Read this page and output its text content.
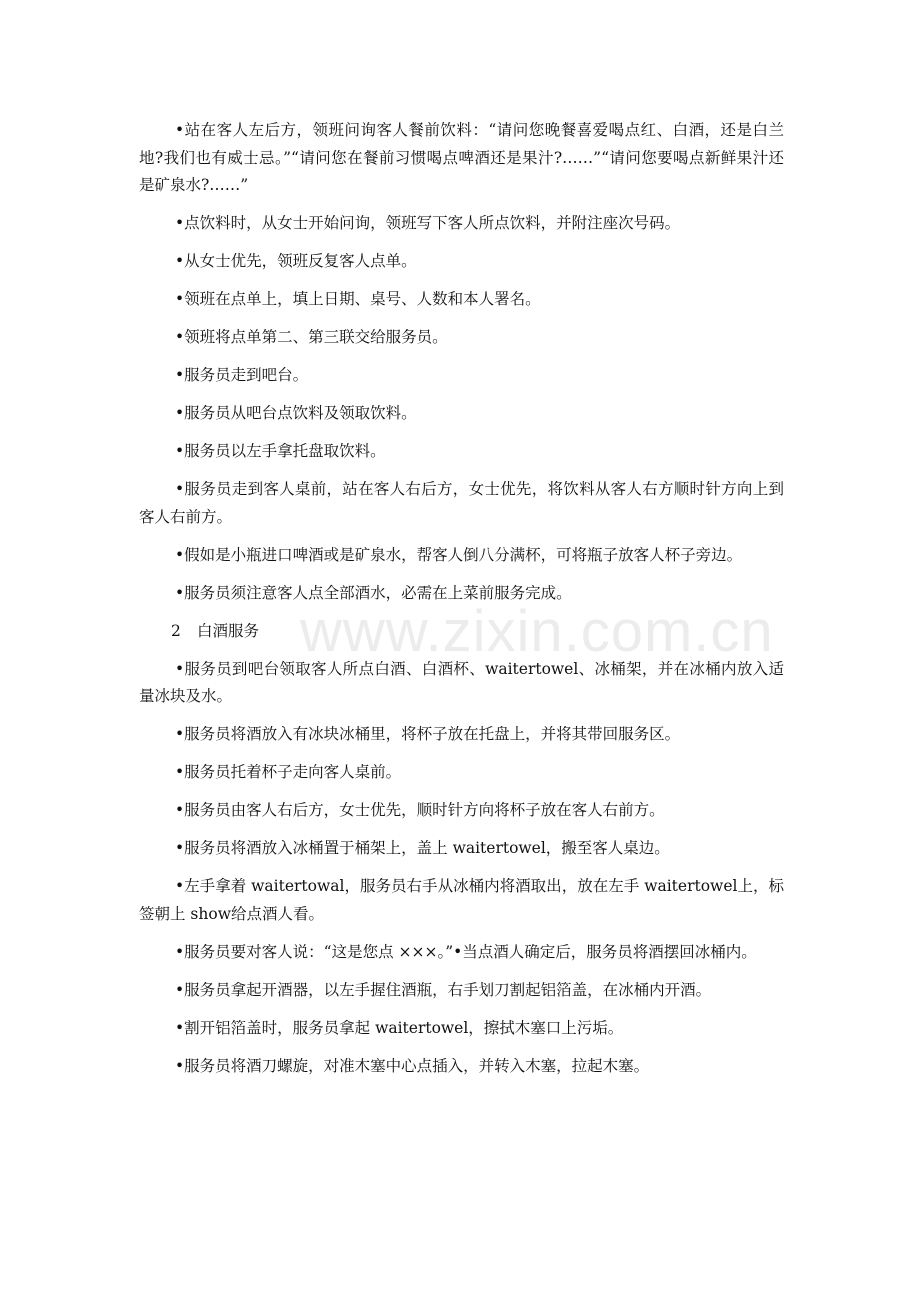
www.zixin.com.cn

•站在客人左后方，领班问询客人餐前饮料：“请问您晚餐喜爱喝点红、白酒，还是白兰地?我们也有威士忌。”“请问您在餐前习惯喝点啤酒还是果汁?……”“请问您要喝点新鲜果汁还是矿泉水?……”

•点饮料时，从女士开始问询，领班写下客人所点饮料，并附注座次号码。

•从女士优先，领班反复客人点单。

•领班在点单上，填上日期、桌号、人数和本人署名。

•领班将点单第二、第三联交给服务员。

•服务员走到吧台。

•服务员从吧台点饮料及领取饮料。

•服务员以左手拿托盘取饮料。

•服务员走到客人桌前，站在客人右后方，女士优先，将饮料从客人右方顺时针方向上到客人右前方。

•假如是小瓶进口啤酒或是矿泉水，帮客人倒八分满杯，可将瓶子放客人杯子旁边。

•服务员须注意客人点全部酒水，必需在上菜前服务完成。

2 白酒服务

•服务员到吧台领取客人所点白酒、白酒杯、waitertowel、冰桶架，并在冰桶内放入适量冰块及水。

•服务员将酒放入有冰块冰桶里，将杯子放在托盘上，并将其带回服务区。

•服务员托着杯子走向客人桌前。

•服务员由客人右后方，女士优先，顺时针方向将杯子放在客人右前方。

•服务员将酒放入冰桶置于桶架上，盖上 waitertowel，搬至客人桌边。

•左手拿着 waitertowal，服务员右手从冰桶内将酒取出，放在左手 waitertowel上，标签朝上 show给点酒人看。

•服务员要对客人说：“这是您点 ×××。”•当点酒人确定后，服务员将酒摆回冰桶内。

•服务员拿起开酒器，以左手握住酒瓶，右手划刀割起铝箔盖，在冰桶内开酒。

•割开铝箔盖时，服务员拿起 waitertowel，擦拭木塞口上污垢。

•服务员将酒刀螺旋，对准木塞中心点插入，并转入木塞，拉起木塞。
